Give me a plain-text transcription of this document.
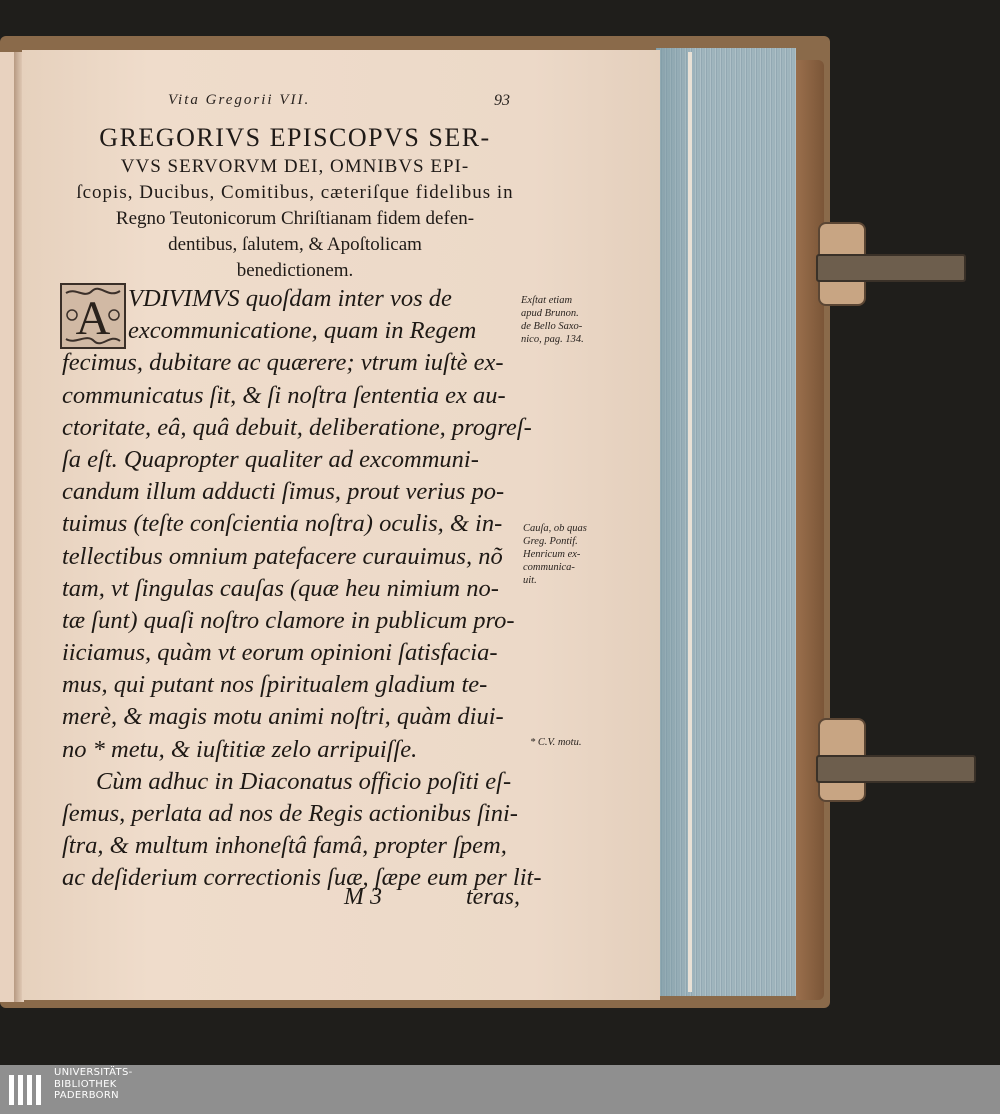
Vita Gregorii VII.	93
GREGORIVS EPISCOPVS SER-
VVS SERVORVM DEI, OMNIBVS EPI-
ſcopis, Ducibus, Comitibus, cæteriſque fidelibus in
Regno Teutonicorum Chriſtianam fidem defen-
dentibus, ſalutem, & Apoſtolicam
benedictionem.
A VDIVIMVS quoſdam inter vos de
excommunicatione, quam in Regem
fecimus, dubitare ac quærere; vtrum iuſtè ex-
communicatus ſit, & ſi noſtra ſententia ex au-
ctoritate, eâ, quâ debuit, deliberatione, progreſ-
ſa eſt. Quapropter qualiter ad excommuni-
candum illum adducti ſimus, prout verius po-
tuimus (teſte conſcientia noſtra) oculis, & in-
tellectibus omnium patefacere curauimus, nõ
tam, vt ſingulas cauſas (quæ heu nimium no-
tæ ſunt) quaſi noſtro clamore in publicum pro-
iiciamus, quàm vt eorum opinioni ſatisfacia-
mus, qui putant nos ſpiritualem gladium te-
merè, & magis motu animi noſtri, quàm diui-
no * metu, & iuſtitiæ zelo arripuiſſe.
Cùm adhuc in Diaconatus officio poſiti eſ-
ſemus, perlata ad nos de Regis actionibus ſini-
ſtra, & multum inhoneſtâ famâ, propter ſpem,
ac deſiderium correctionis ſuæ, ſæpe eum per lit-
M 3	teras,
Exſtat etiam
apud Brunon.
de Bello Saxo-
nico, pag. 134.
Cauſa, ob quas
Greg. Pontif.
Henricum ex-
communica-
uit.
* C.V. motu.
UNIVERSITÄTS-
BIBLIOTHEK
PADERBORN
